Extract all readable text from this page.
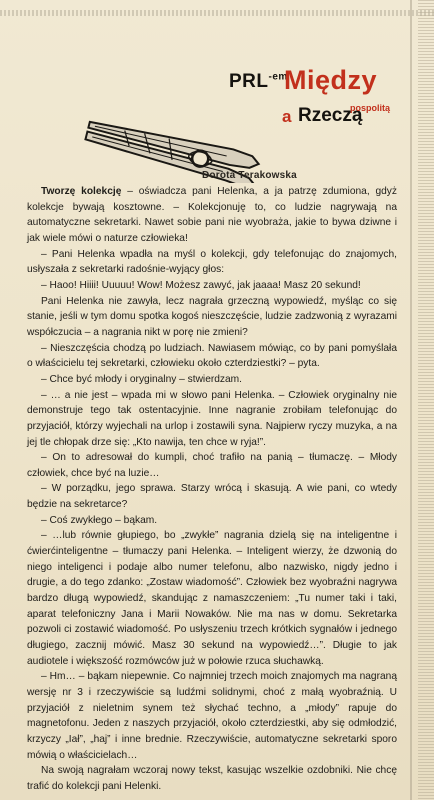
$PRL^{-em}$
Między
a Rzeczą
pospolitą
Dorota Terakowska

Tworzę kolekcję – oświadcza pani Helenka, a ja patrzę zdumiona, gdyż kolekcje bywają kosztowne. – Kolekcjonuję to, co ludzie nagrywają na automatyczne sekretarki. Nawet sobie pani nie wyobraża, jakie to bywa dziwne i jak wiele mówi o naturze człowieka!

– Pani Helenka wpadła na myśl o kolekcji, gdy telefonując do znajomych, usłyszała z sekretarki radośnie-wyjący głos:

– Haoo! Hiiii! Uuuuu! Wow! Możesz zawyć, jak jaaaa! Masz 20 sekund!

Pani Helenka nie zawyła, lecz nagrała grzeczną wypowiedź, myśląc co się stanie, jeśli w tym domu spotka kogoś nieszczęście, ludzie zadzwonią z wyrazami współczucia – a nagrania nikt w porę nie zmieni?

– Nieszczęścia chodzą po ludziach. Nawiasem mówiąc, co by pani pomyślała o właścicielu tej sekretarki, człowieku około czterdziestki? – pyta.

– Chce być młody i oryginalny – stwierdzam.

– … a nie jest – wpada mi w słowo pani Helenka. – Człowiek oryginalny nie demonstruje tego tak ostentacyjnie. Inne nagranie zrobiłam telefonując do przyjaciół, którzy wyjechali na urlop i zostawili syna. Najpierw ryczy muzyka, a na jej tle chłopak drze się: „Kto nawija, ten chce w ryja!”.

– On to adresował do kumpli, choć trafiło na panią – tłumaczę. – Młody człowiek, chce być na luzie…

– W porządku, jego sprawa. Starzy wrócą i skasują. A wie pani, co wtedy będzie na sekretarce?

– Coś zwykłego – bąkam.

– …lub równie głupiego, bo „zwykłe” nagrania dzielą się na inteligentne i ćwierćinteligentne – tłumaczy pani Helenka. – Inteligent wierzy, że dzwonią do niego inteligenci i podaje albo numer telefonu, albo nazwisko, nigdy jedno i drugie, a do tego zdanko: „Zostaw wiadomość”. Człowiek bez wyobraźni nagrywa bardzo długą wypowiedź, skandując z namaszczeniem: „Tu numer taki i taki, aparat telefoniczny Jana i Marii Nowaków. Nie ma nas w domu. Sekretarka pozwoli ci zostawić wiadomość. Po usłyszeniu trzech krótkich sygnałów i jednego długiego, zacznij mówić. Masz 30 sekund na wypowiedź…”. Długie to jak audiotele i większość rozmówców już w połowie rzuca słuchawką.

– Hm… – bąkam niepewnie. Co najmniej trzech moich znajomych ma nagraną wersję nr 3 i rzeczywiście są ludźmi solidnymi, choć z małą wyobraźnią. U przyjaciół z nieletnim synem też słychać techno, a „młody” rapuje do magnetofonu. Jeden z naszych przyjaciół, około czterdziestki, aby się odmłodzić, krzyczy „Iał”, „haj” i inne brednie. Rzeczywiście, automatyczne sekretarki sporo mówią o właścicielach…

Na swoją nagrałam wczoraj nowy tekst, kasując wszelkie ozdobniki. Nie chcę trafić do kolekcji pani Helenki.
